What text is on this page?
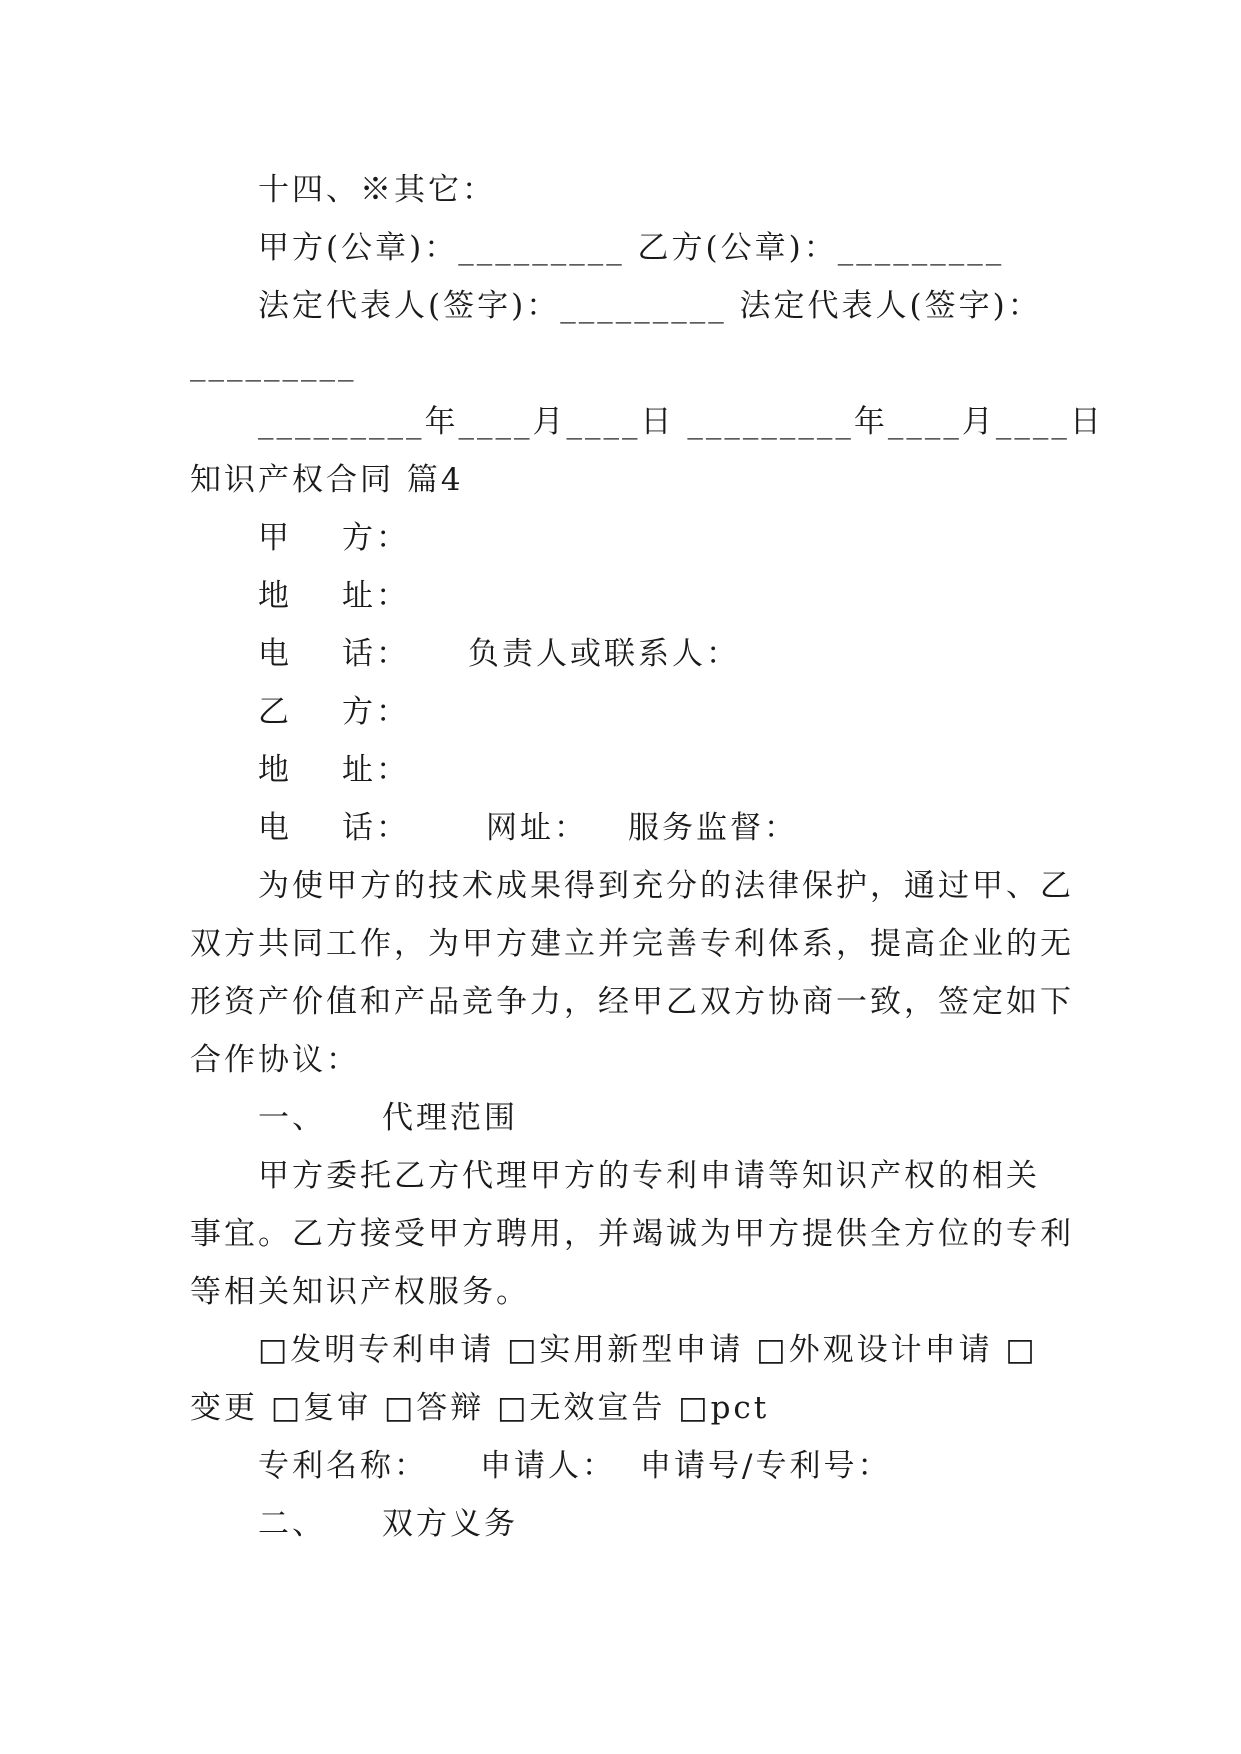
十四、※其它：
甲方(公章)：_________ 乙方(公章)：_________
法定代表人(签字)：_________ 法定代表人(签字)：
_________
_________年____月____日 _________年____月____日
知识产权合同 篇4
甲 方：
地 址：
电 话： 负责人或联系人：
乙 方：
地 址：
电 话： 网址： 服务监督：
为使甲方的技术成果得到充分的法律保护，通过甲、乙
双方共同工作，为甲方建立并完善专利体系，提高企业的无
形资产价值和产品竞争力，经甲乙双方协商一致，签定如下
合作协议：
一、 代理范围
甲方委托乙方代理甲方的专利申请等知识产权的相关
事宜。乙方接受甲方聘用，并竭诚为甲方提供全方位的专利
等相关知识产权服务。
□发明专利申请 □实用新型申请 □外观设计申请 □
变更 □复审 □答辩 □无效宣告 □pct
专利名称： 申请人： 申请号/专利号：
二、 双方义务
